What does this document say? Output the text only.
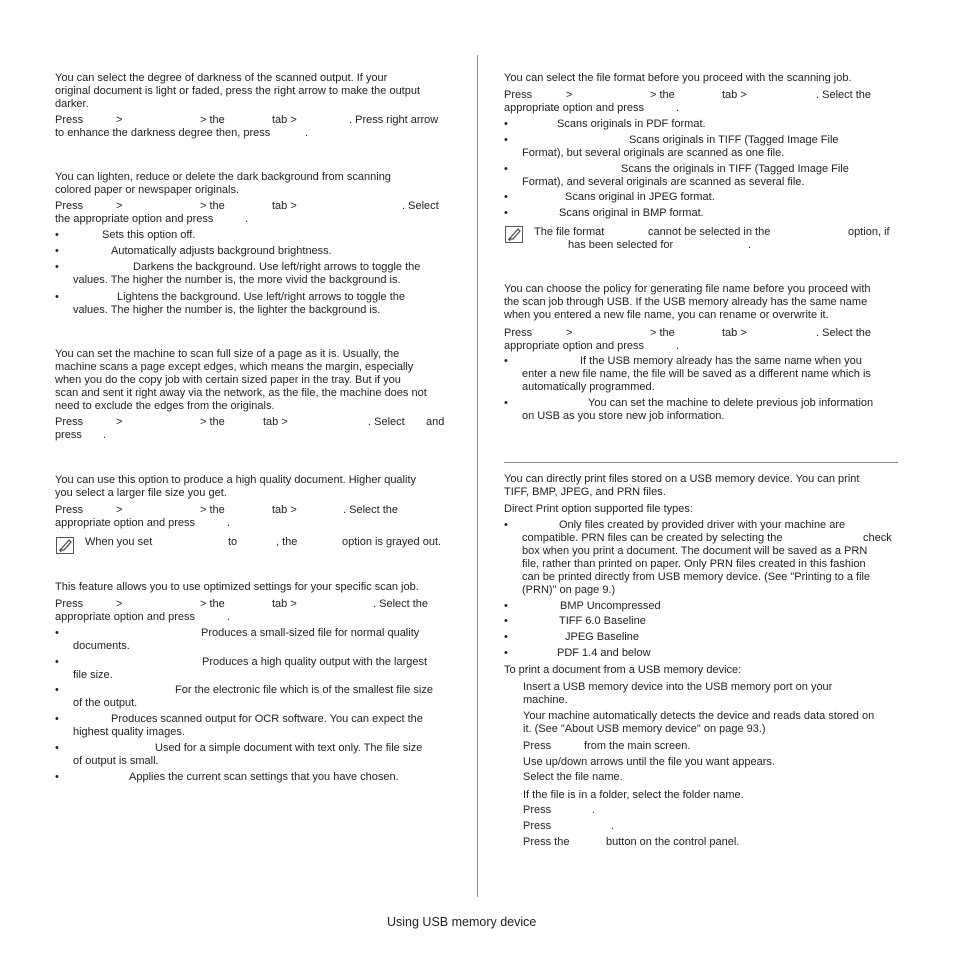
You can select the degree of darkness of the scanned output. If your
original document is light or faded, press the right arrow to make the output
darker.
Press	>	> the	tab >	. Press right arrow
to enhance the darkness degree then, press	.
You can lighten, reduce or delete the dark background from scanning
colored paper or newspaper originals.
Press	>	> the	tab >	. Select
the appropriate option and press	.
•	Sets this option off.
•	Automatically adjusts background brightness.
•	Darkens the background. Use left/right arrows to toggle the
values. The higher the number is, the more vivid the background is.
•	Lightens the background. Use left/right arrows to toggle the
values. The higher the number is, the lighter the background is.
You can set the machine to scan full size of a page as it is. Usually, the
machine scans a page except edges, which means the margin, especially
when you do the copy job with certain sized paper in the tray. But if you
scan and sent it right away via the network, as the file, the machine does not
need to exclude the edges from the originals.
Press	>	> the	tab >	. Select and
press .
You can use this option to produce a high quality document. Higher quality
you select a larger file size you get.
Press	>	> the	tab >	. Select the
appropriate option and press	.
When you set	to	, the	option is grayed out.
This feature allows you to use optimized settings for your specific scan job.
Press	>	> the	tab >	. Select the
appropriate option and press	.
•	Produces a small-sized file for normal quality
documents.
•	Produces a high quality output with the largest
file size.
•	For the electronic file which is of the smallest file size
of the output.
•	Produces scanned output for OCR software. You can expect the
highest quality images.
•	Used for a simple document with text only. The file size
of output is small.
•	Applies the current scan settings that you have chosen.
You can select the file format before you proceed with the scanning job.
Press	>	> the	tab >	. Select the
appropriate option and press	.
•	Scans originals in PDF format.
•	Scans originals in TIFF (Tagged Image File
Format), but several originals are scanned as one file.
•	Scans the originals in TIFF (Tagged Image File
Format), and several originals are scanned as several file.
•	Scans original in JPEG format.
•	Scans original in BMP format.
The file format	cannot be selected in the	option, if
has been selected for	.
You can choose the policy for generating file name before you proceed with
the scan job through USB. If the USB memory already has the same name
when you entered a new file name, you can rename or overwrite it.
Press	>	> the	tab >	. Select the
appropriate option and press	.
•	If the USB memory already has the same name when you
enter a new file name, the file will be saved as a different name which is
automatically programmed.
•	You can set the machine to delete previous job information
on USB as you store new job information.
You can directly print files stored on a USB memory device. You can print
TIFF, BMP, JPEG, and PRN files.
Direct Print option supported file types:
•	Only files created by provided driver with your machine are
compatible. PRN files can be created by selecting the	check
box when you print a document. The document will be saved as a PRN
file, rather than printed on paper. Only PRN files created in this fashion
can be printed directly from USB memory device. (See "Printing to a file
(PRN)" on page 9.)
•	BMP Uncompressed
•	TIFF 6.0 Baseline
•	JPEG Baseline
•	PDF 1.4 and below
To print a document from a USB memory device:
Insert a USB memory device into the USB memory port on your
machine.
Your machine automatically detects the device and reads data stored on
it. (See "About USB memory device" on page 93.)
Press	from the main screen.
Use up/down arrows until the file you want appears.
Select the file name.
If the file is in a folder, select the folder name.
Press	.
Press	.
Press the	button on the control panel.
Using USB memory device
